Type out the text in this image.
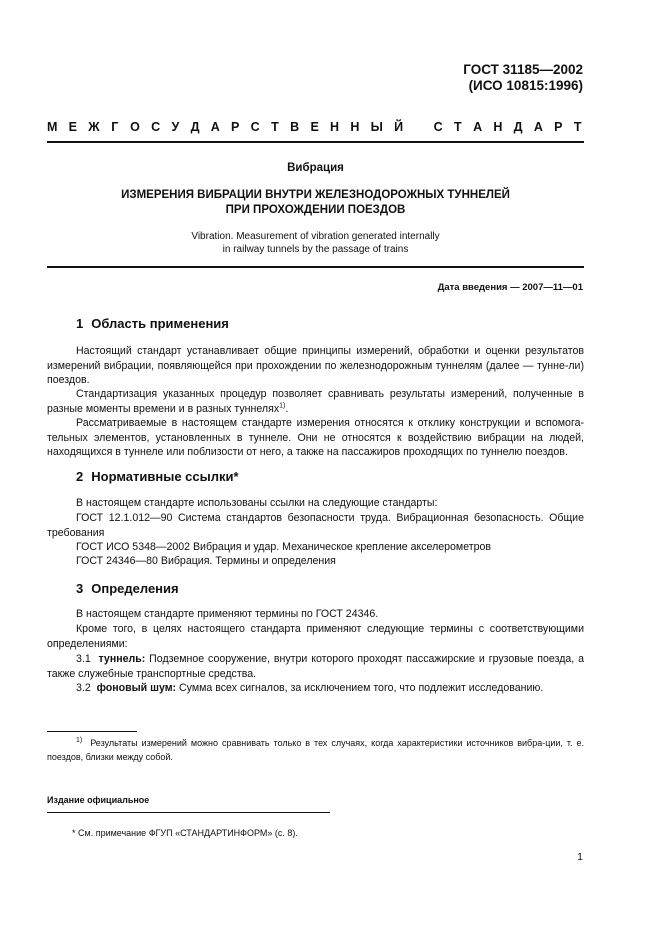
ГОСТ 31185—2002
(ИСО 10815:1996)
М Е Ж Г О С У Д А Р С Т В Е Н Н Ы Й С Т А Н Д А Р Т
Вибрация
ИЗМЕРЕНИЯ ВИБРАЦИИ ВНУТРИ ЖЕЛЕЗНОДОРОЖНЫХ ТУННЕЛЕЙ
ПРИ ПРОХОЖДЕНИИ ПОЕЗДОВ
Vibration. Measurement of vibration generated internally
in railway tunnels by the passage of trains
Дата введения — 2007—11—01
1 Область применения
Настоящий стандарт устанавливает общие принципы измерений, обработки и оценки результатов измерений вибрации, появляющейся при прохождении по железнодорожным туннелям (далее — тунне-ли) поездов.
Стандартизация указанных процедур позволяет сравнивать результаты измерений, полученные в разные моменты времени и в разных туннелях$^{1)}$.
Рассматриваемые в настоящем стандарте измерения относятся к отклику конструкции и вспомога-тельных элементов, установленных в туннеле. Они не относятся к воздействию вибрации на людей, находящихся в туннеле или поблизости от него, а также на пассажиров проходящих по туннелю поездов.
2 Нормативные ссылки*
В настоящем стандарте использованы ссылки на следующие стандарты:
ГОСТ 12.1.012—90 Система стандартов безопасности труда. Вибрационная безопасность. Общие требования
ГОСТ ИСО 5348—2002 Вибрация и удар. Механическое крепление акселерометров
ГОСТ 24346—80 Вибрация. Термины и определения
3 Определения
В настоящем стандарте применяют термины по ГОСТ 24346.
Кроме того, в целях настоящего стандарта применяют следующие термины с соответствующими определениями:
3.1 туннель: Подземное сооружение, внутри которого проходят пассажирские и грузовые поезда, а также служебные транспортные средства.
3.2 фоновый шум: Сумма всех сигналов, за исключением того, что подлежит исследованию.
$^{1)}$ Результаты измерений можно сравнивать только в тех случаях, когда характеристики источников вибра-ции, т. е. поездов, близки между собой.
Издание официальное
* См. примечание ФГУП «СТАНДАРТИНФОРМ» (с. 8).
1
